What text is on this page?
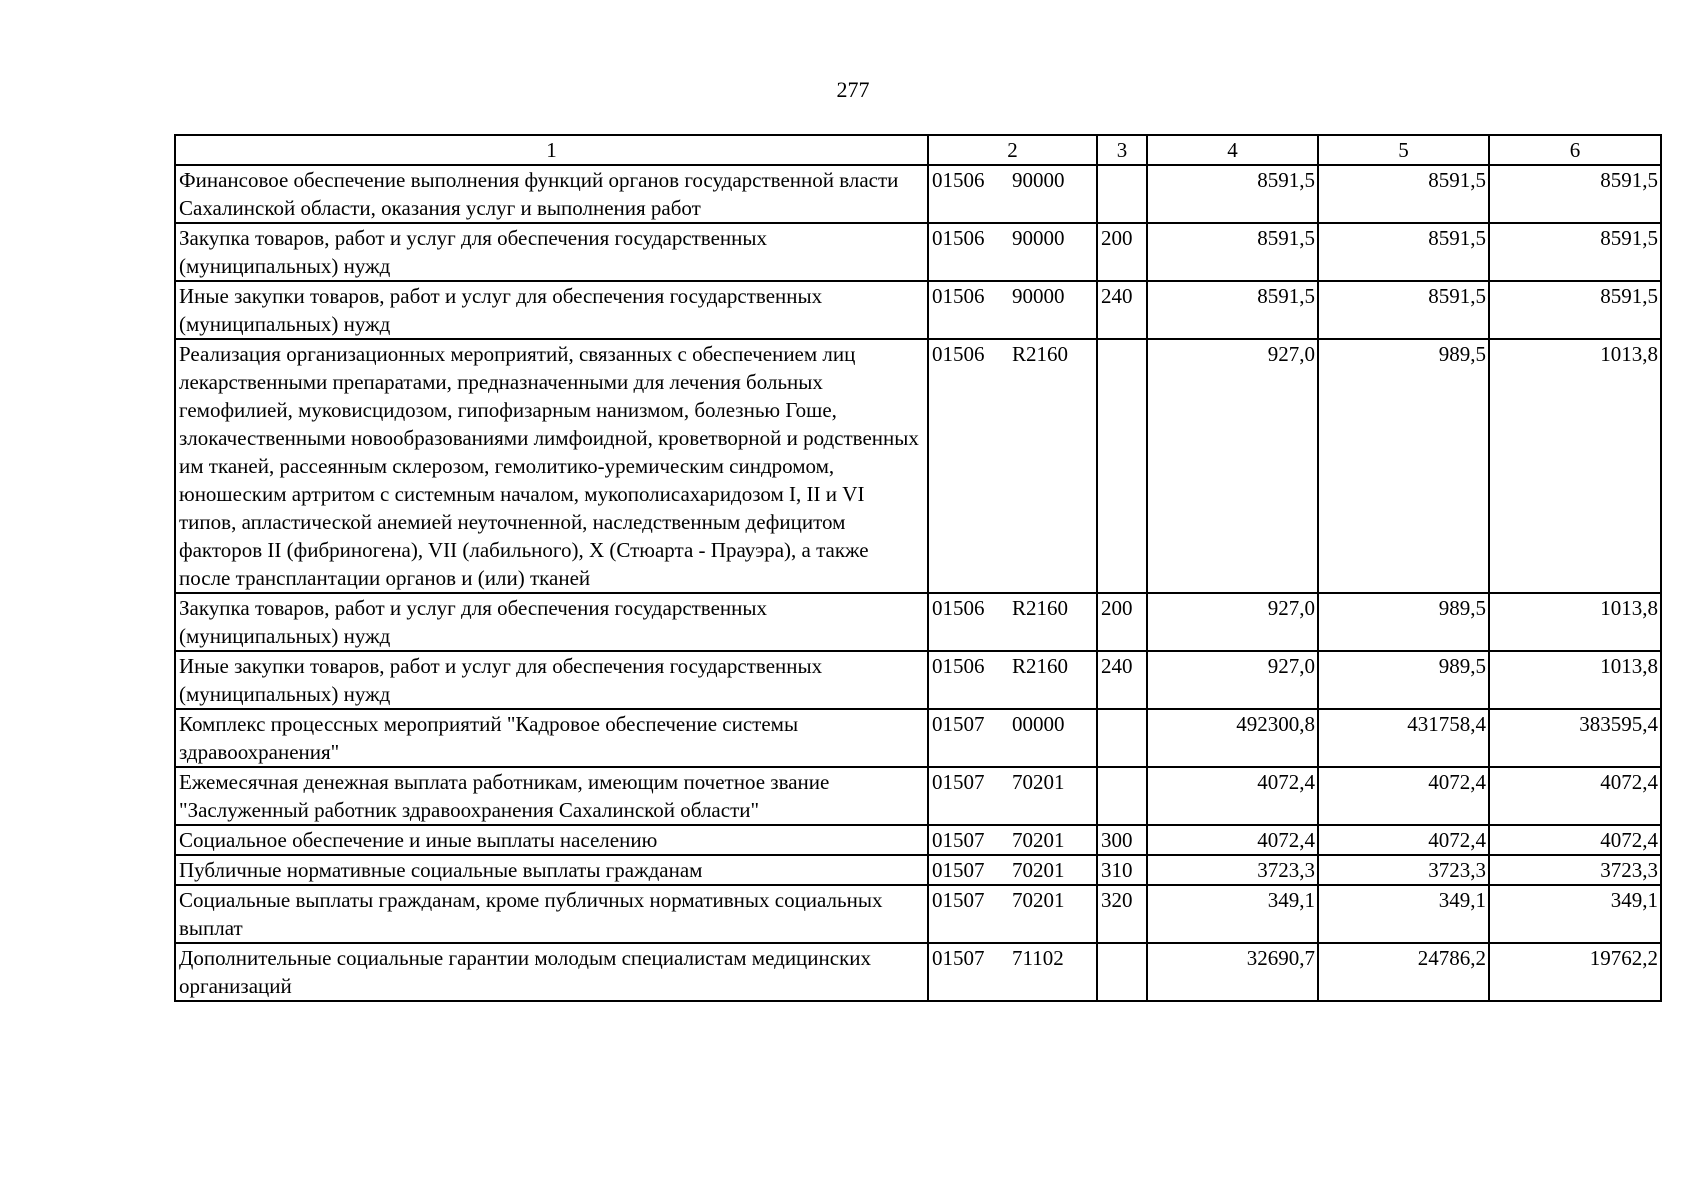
277
1	2	3	4	5	6
Финансовое обеспечение выполнения функций органов государственной власти Сахалинской области, оказания услуг и выполнения работ	01506 90000		8591,5	8591,5	8591,5
Закупка товаров, работ и услуг для обеспечения государственных (муниципальных) нужд	01506 90000	200	8591,5	8591,5	8591,5
Иные закупки товаров, работ и услуг для обеспечения государственных (муниципальных) нужд	01506 90000	240	8591,5	8591,5	8591,5
Реализация организационных мероприятий, связанных с обеспечением лиц лекарственными препаратами, предназначенными для лечения больных гемофилией, муковисцидозом, гипофизарным нанизмом, болезнью Гоше, злокачественными новообразованиями лимфоидной, кроветворной и родственных им тканей, рассеянным склерозом, гемолитико-уремическим синдромом, юношеским артритом с системным началом, мукополисахаридозом I, II и VI типов, апластической анемией неуточненной, наследственным дефицитом факторов II (фибриногена), VII (лабильного), X (Стюарта - Прауэра), а также после трансплантации органов и (или) тканей	01506 R2160		927,0	989,5	1013,8
Закупка товаров, работ и услуг для обеспечения государственных (муниципальных) нужд	01506 R2160	200	927,0	989,5	1013,8
Иные закупки товаров, работ и услуг для обеспечения государственных (муниципальных) нужд	01506 R2160	240	927,0	989,5	1013,8
Комплекс процессных мероприятий "Кадровое обеспечение системы здравоохранения"	01507 00000		492300,8	431758,4	383595,4
Ежемесячная денежная выплата работникам, имеющим почетное звание "Заслуженный работник здравоохранения Сахалинской области"	01507 70201		4072,4	4072,4	4072,4
Социальное обеспечение и иные выплаты населению	01507 70201	300	4072,4	4072,4	4072,4
Публичные нормативные социальные выплаты гражданам	01507 70201	310	3723,3	3723,3	3723,3
Социальные выплаты гражданам, кроме публичных нормативных социальных выплат	01507 70201	320	349,1	349,1	349,1
Дополнительные социальные гарантии молодым специалистам медицинских организаций	01507 71102		32690,7	24786,2	19762,2
